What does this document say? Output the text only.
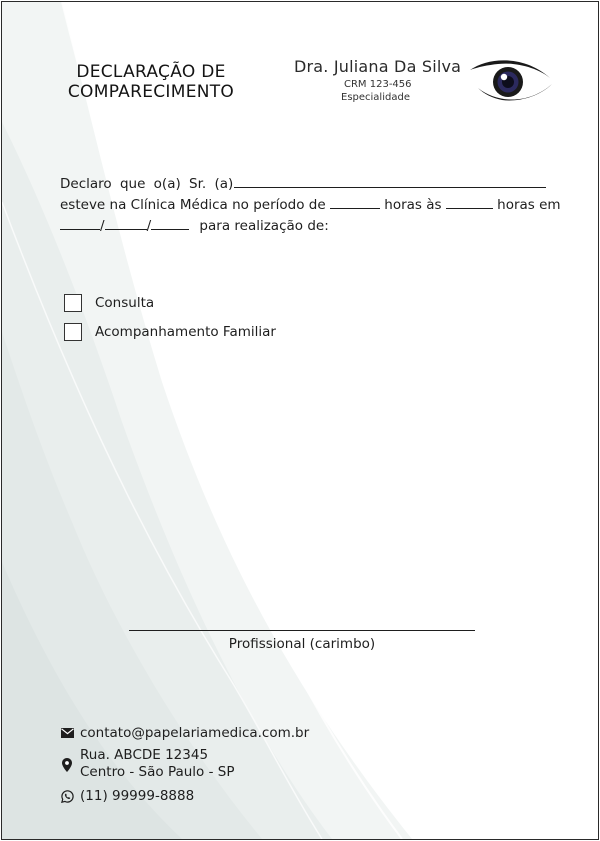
DECLARAÇÃO DE
COMPARECIMENTO
Dra. Juliana Da Silva
CRM 123-456
Especialidade
Declaro que o(a) Sr. (a)
esteve na Clínica Médica no período de	horas às	horas em
/	/	para realização de:
Consulta
Acompanhamento Familiar
Profissional (carimbo)
contato@papelariamedica.com.br
Rua. ABCDE 12345
Centro - São Paulo - SP
(11) 99999-8888
